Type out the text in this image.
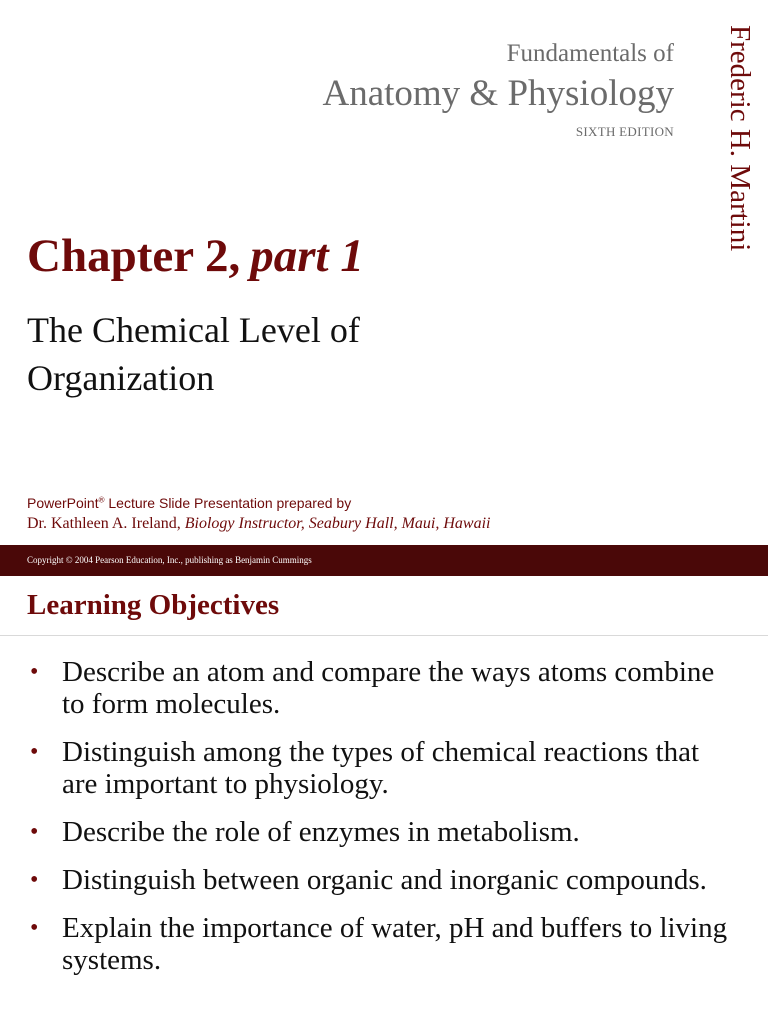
Fundamentals of
Anatomy & Physiology
SIXTH EDITION Frederic H. Martini
Chapter 2, part 1
The Chemical Level of
Organization
PowerPoint® Lecture Slide Presentation prepared by
Dr. Kathleen A. Ireland, Biology Instructor, Seabury Hall, Maui, Hawaii
Copyright © 2004 Pearson Education, Inc., publishing as Benjamin Cummings
Learning Objectives
• Describe an atom and compare the ways atoms combine to form molecules.
• Distinguish among the types of chemical reactions that are important to physiology.
• Describe the role of enzymes in metabolism.
• Distinguish between organic and inorganic compounds.
• Explain the importance of water, pH and buffers to living systems.
